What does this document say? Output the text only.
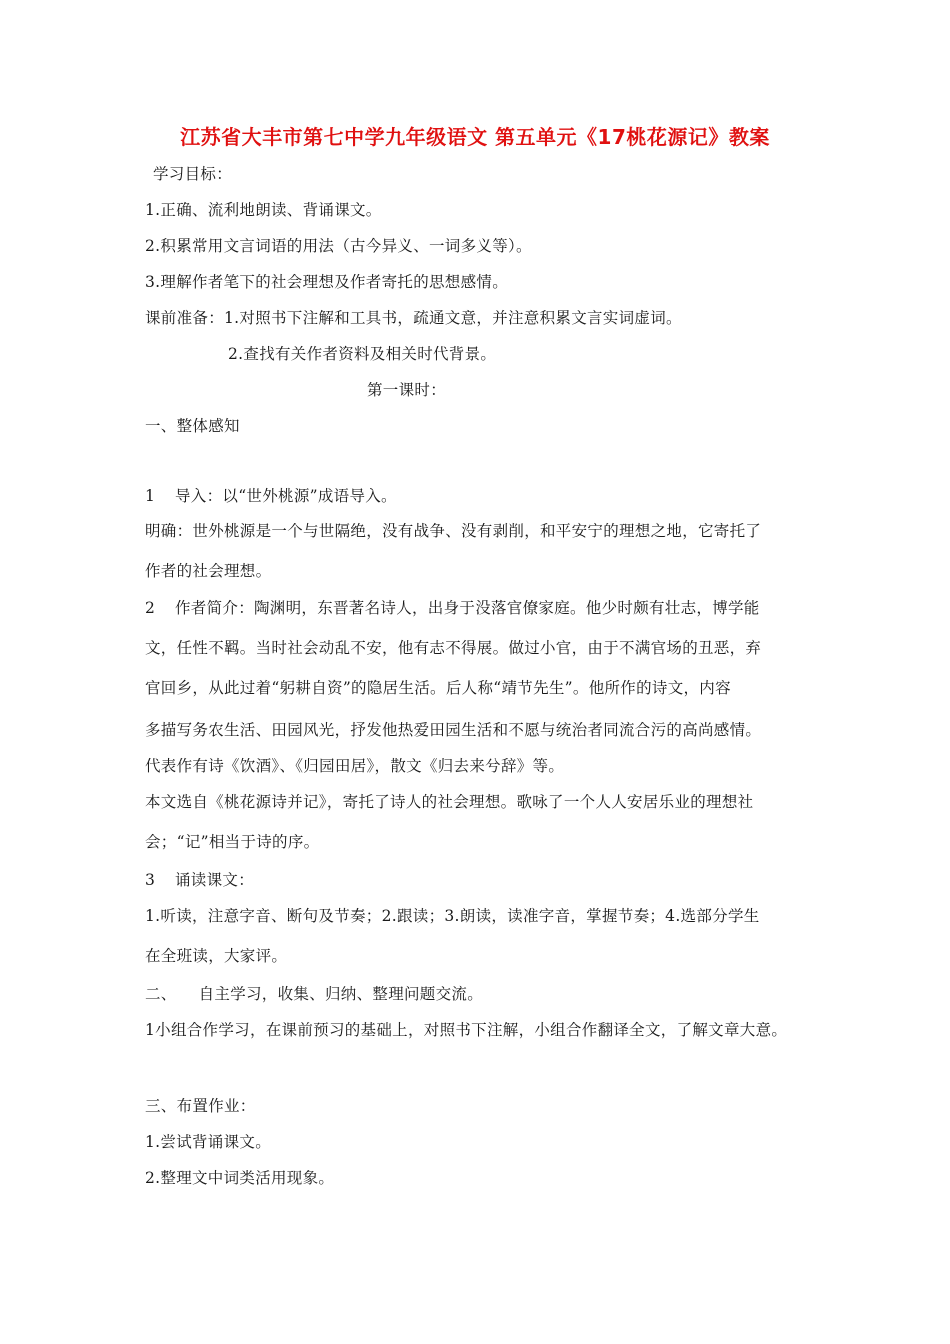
江苏省大丰市第七中学九年级语文 第五单元《17桃花源记》教案
学习目标：
1.正确、流利地朗读、背诵课文。
2.积累常用文言词语的用法（古今异义、一词多义等）。
3.理解作者笔下的社会理想及作者寄托的思想感情。
课前准备：1.对照书下注解和工具书，疏通文意，并注意积累文言实词虚词。
2.查找有关作者资料及相关时代背景。
第一课时：
一、整体感知
1 导入：以“世外桃源”成语导入。
明确：世外桃源是一个与世隔绝，没有战争、没有剥削，和平安宁的理想之地，它寄托了
作者的社会理想。
2 作者简介：陶渊明，东晋著名诗人，出身于没落官僚家庭。他少时颇有壮志，博学能
文，任性不羁。当时社会动乱不安，他有志不得展。做过小官，由于不满官场的丑恶，弃
官回乡，从此过着“躬耕自资”的隐居生活。后人称“靖节先生”。他所作的诗文，内容
多描写务农生活、田园风光，抒发他热爱田园生活和不愿与统治者同流合污的高尚感情。
代表作有诗《饮酒》、《归园田居》，散文《归去来兮辞》等。
本文选自《桃花源诗并记》，寄托了诗人的社会理想。歌咏了一个人人安居乐业的理想社
会；“记”相当于诗的序。
3 诵读课文：
1.听读，注意字音、断句及节奏；2.跟读；3.朗读，读准字音，掌握节奏；4.选部分学生
在全班读，大家评。
二、 自主学习，收集、归纳、整理问题交流。
1小组合作学习，在课前预习的基础上，对照书下注解，小组合作翻译全文，了解文章大意。
三、布置作业：
1.尝试背诵课文。
2.整理文中词类活用现象。
